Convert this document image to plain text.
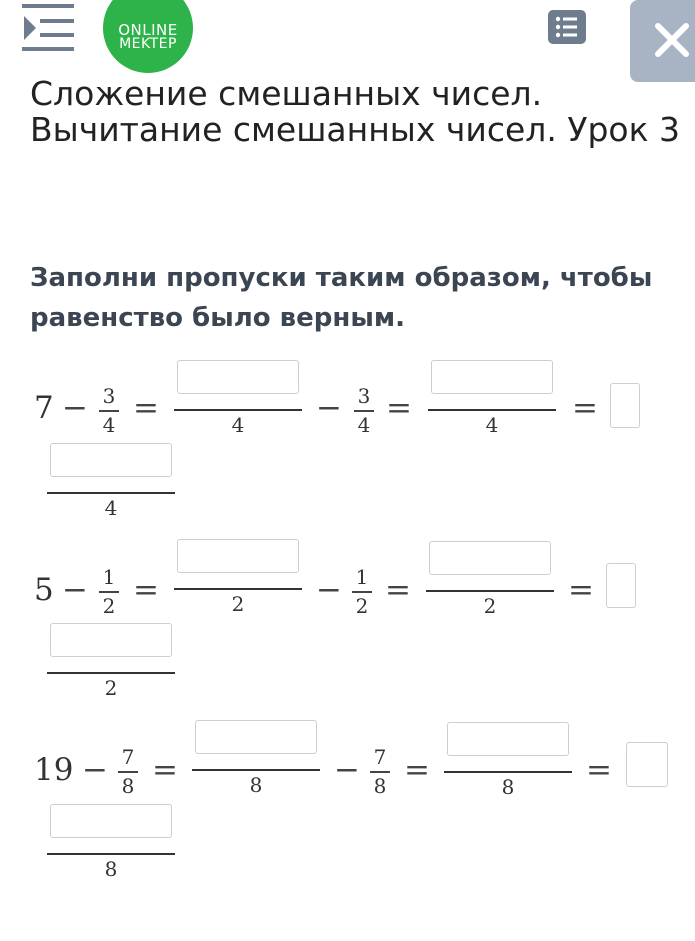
ONLINE
MEKTEP
Сложение смешанных чисел. Вычитание смешанных чисел. Урок 3

Заполни пропуски таким образом, чтобы равенство было верным.

7 − 3
4 =	4	− 3
4 =	4	=
4
5 − 1
2 =	2	− 1
2 =	2	=
2
19 − 7
8 =	8	− 7
8 =	8	=
8
